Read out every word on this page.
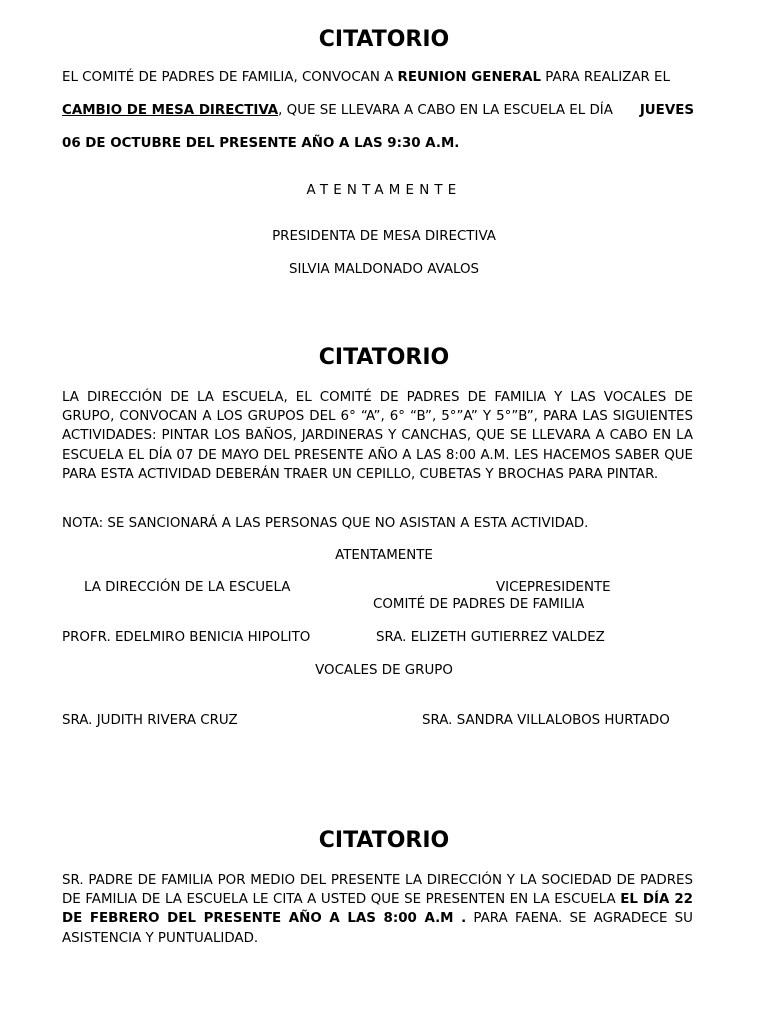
CITATORIO

EL COMITÉ DE PADRES DE FAMILIA, CONVOCAN A REUNION GENERAL PARA REALIZAR EL

CAMBIO DE MESA DIRECTIVA, QUE SE LLEVARA A CABO EN LA ESCUELA EL DÍA JUEVES

06 DE OCTUBRE DEL PRESENTE AÑO A LAS 9:30 A.M.

ATENTAMENTE

PRESIDENTA DE MESA DIRECTIVA

SILVIA MALDONADO AVALOS

CITATORIO

LA DIRECCIÓN DE LA ESCUELA, EL COMITÉ DE PADRES DE FAMILIA Y LAS VOCALES DE GRUPO, CONVOCAN A LOS GRUPOS DEL 6° “A”, 6° “B”, 5°”A” Y 5°”B”, PARA LAS SIGUIENTES ACTIVIDADES: PINTAR LOS BAÑOS, JARDINERAS Y CANCHAS, QUE SE LLEVARA A CABO EN LA ESCUELA EL DÍA 07 DE MAYO DEL PRESENTE AÑO A LAS 8:00 A.M. LES HACEMOS SABER QUE PARA ESTA ACTIVIDAD DEBERÁN TRAER UN CEPILLO, CUBETAS Y BROCHAS PARA PINTAR.

NOTA: SE SANCIONARÁ A LAS PERSONAS QUE NO ASISTAN A ESTA ACTIVIDAD.

ATENTAMENTE

LA DIRECCIÓN DE LA ESCUELA	VICEPRESIDENTE

COMITÉ DE PADRES DE FAMILIA

PROFR. EDELMIRO BENICIA HIPOLITO	SRA. ELIZETH GUTIERREZ VALDEZ

VOCALES DE GRUPO

SRA. JUDITH RIVERA CRUZ	SRA. SANDRA VILLALOBOS HURTADO

CITATORIO

SR. PADRE DE FAMILIA POR MEDIO DEL PRESENTE LA DIRECCIÓN Y LA SOCIEDAD DE PADRES DE FAMILIA DE LA ESCUELA LE CITA A USTED QUE SE PRESENTEN EN LA ESCUELA EL DÍA 22 DE FEBRERO DEL PRESENTE AÑO A LAS 8:00 A.M . PARA FAENA. SE AGRADECE SU ASISTENCIA Y PUNTUALIDAD.
